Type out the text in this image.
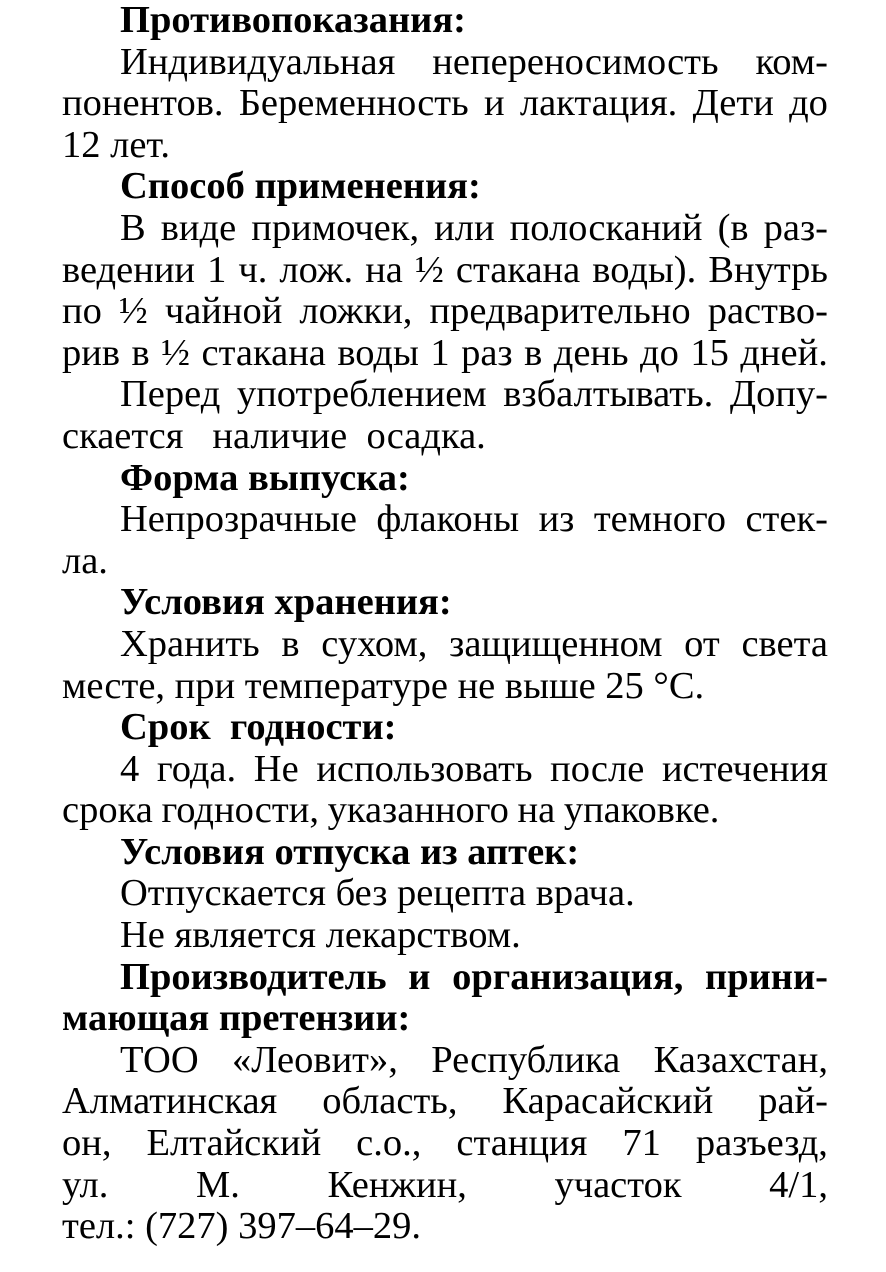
Противопоказания:
Индивидуальная непереносимость ком-
понентов. Беременность и лактация. Дети до
12 лет.
Способ применения:
В виде примочек, или полосканий (в раз-
ведении 1 ч. лож. на ½ стакана воды). Внутрь
по ½ чайной ложки, предварительно раство-
рив в ½ стакана воды 1 раз в день до 15 дней.
Перед употреблением взбалтывать. Допу-
скается   наличие  осадка.
Форма выпуска:
Непрозрачные флаконы из темного стек-
ла.
Условия хранения:
Хранить в сухом, защищенном от света
месте, при температуре не выше 25 °С.
Срок  годности:
4 года. Не использовать после истечения
срока годности, указанного на упаковке.
Условия отпуска из аптек:
Отпускается без рецепта врача.
Не является лекарством.
Производитель и организация, прини-
мающая претензии:
ТОО «Леовит», Республика Казахстан,
Алматинская область, Карасайский рай-
он, Елтайский с.о., станция 71 разъезд,
ул. М. Кенжин, участок 4/1,
тел.: (727) 397–64–29.
